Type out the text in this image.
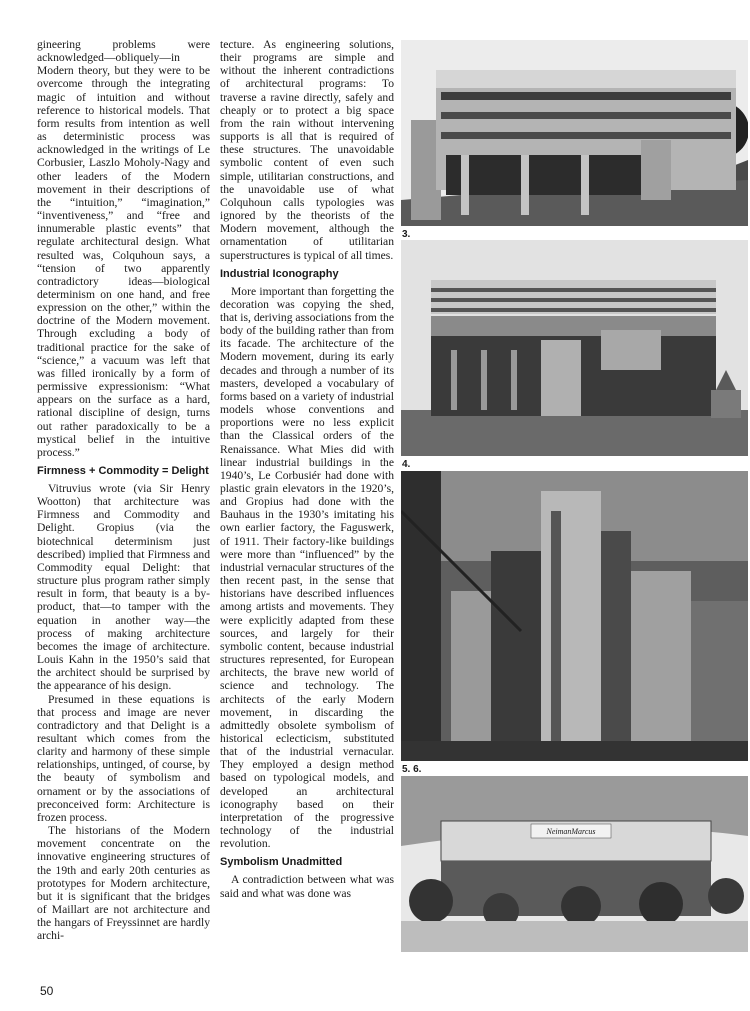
gineering problems were acknowledged—obliquely—in Modern theory, but they were to be overcome through the integrating magic of intuition and without reference to historical models. That form results from intention as well as deterministic process was acknowledged in the writings of Le Corbusier, Laszlo Moholy-Nagy and other leaders of the Modern movement in their descriptions of the “intuition,” “imagination,” “inventiveness,” and “free and innumerable plastic events” that regulate architectural design. What resulted was, Colquhoun says, a “tension of two apparently contradictory ideas—biological determinism on one hand, and free expression on the other,” within the doctrine of the Modern movement. Through excluding a body of traditional practice for the sake of “science,” a vacuum was left that was filled ironically by a form of permissive expressionism: “What appears on the surface as a hard, rational discipline of design, turns out rather paradoxically to be a mystical belief in the intuitive process.”

Firmness + Commodity = Delight

Vitruvius wrote (via Sir Henry Wootton) that architecture was Firmness and Commodity and Delight. Gropius (via the biotechnical determinism just described) implied that Firmness and Commodity equal Delight: that structure plus program rather simply result in form, that beauty is a by-product, that—to tamper with the equation in another way—the process of making architecture becomes the image of architecture. Louis Kahn in the 1950’s said that the architect should be surprised by the appearance of his design.

Presumed in these equations is that process and image are never contradictory and that Delight is a resultant which comes from the clarity and harmony of these simple relationships, untinged, of course, by the beauty of symbolism and ornament or by the associations of preconceived form: Architecture is frozen process.

The historians of the Modern movement concentrate on the innovative engineering structures of the 19th and early 20th centuries as prototypes for Modern architecture, but it is significant that the bridges of Maillart are not architecture and the hangars of Freyssinnet are hardly archi-

tecture. As engineering solutions, their programs are simple and without the inherent contradictions of architectural programs: To traverse a ravine directly, safely and cheaply or to protect a big space from the rain without intervening supports is all that is required of these structures. The unavoidable symbolic content of even such simple, utilitarian constructions, and the unavoidable use of what Colquhoun calls typologies was ignored by the theorists of the Modern movement, although the ornamentation of utilitarian superstructures is typical of all times.

Industrial Iconography

More important than forgetting the decoration was copying the shed, that is, deriving associations from the body of the building rather than from its facade. The architecture of the Modern movement, during its early decades and through a number of its masters, developed a vocabulary of forms based on a variety of industrial models whose conventions and proportions were no less explicit than the Classical orders of the Renaissance. What Mies did with linear industrial buildings in the 1940’s, Le Corbusiér had done with plastic grain elevators in the 1920’s, and Gropius had done with the Bauhaus in the 1930’s imitating his own earlier factory, the Faguswerk, of 1911. Their factory-like buildings were more than “influenced” by the industrial vernacular structures of the then recent past, in the sense that historians have described influences among artists and movements. They were explicitly adapted from these sources, and largely for their symbolic content, because industrial structures represented, for European architects, the brave new world of science and technology. The architects of the early Modern movement, in discarding the admittedly obsolete symbolism of historical eclecticism, substituted that of the industrial vernacular. They employed a design method based on typological models, and developed an architectural iconography based on their interpretation of the progressive technology of the industrial revolution.

Symbolism Unadmitted

A contradiction between what was said and what was done was

3.
4.
5. 6.
NeimanMarcus
50
